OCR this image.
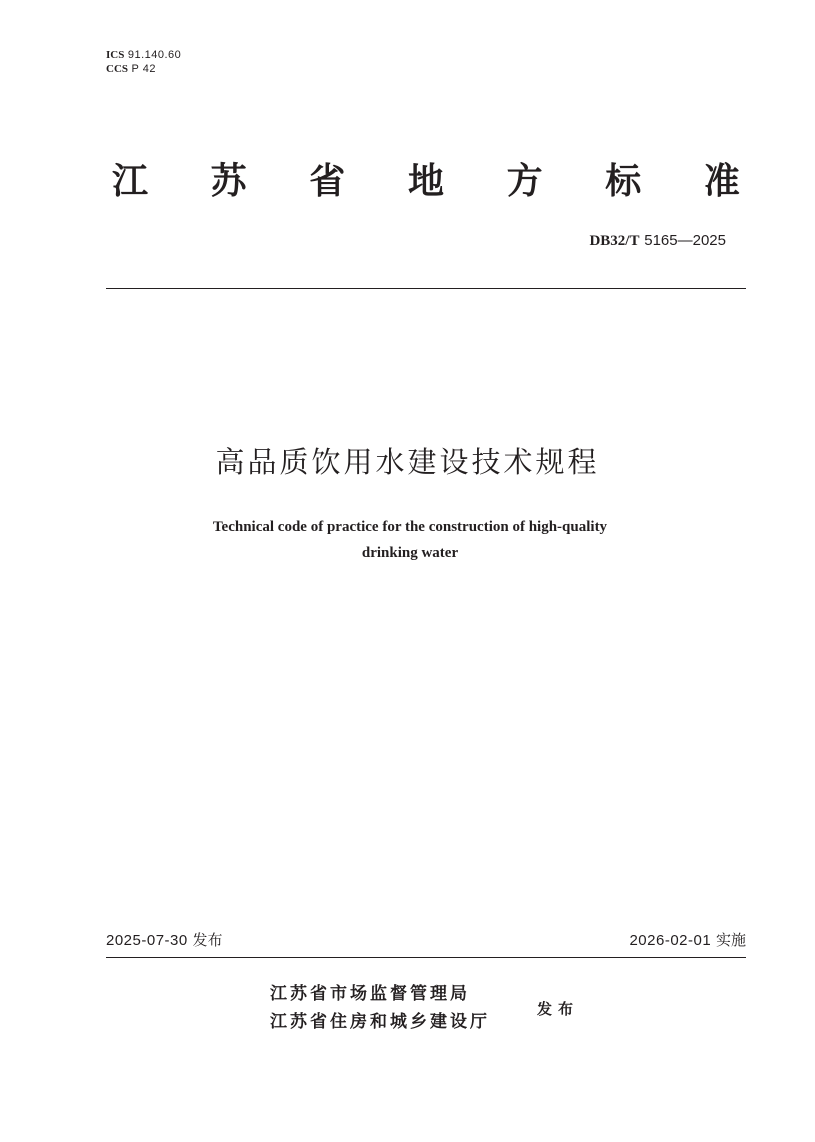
ICS 91.140.60
CCS P 42
江 苏 省 地 方 标 准
DB32/T 5165—2025
高品质饮用水建设技术规程
Technical code of practice for the construction of high-quality
drinking water
2025-07-30 发布	2026-02-01 实施
江苏省市场监督管理局
江苏省住房和城乡建设厅
发布
